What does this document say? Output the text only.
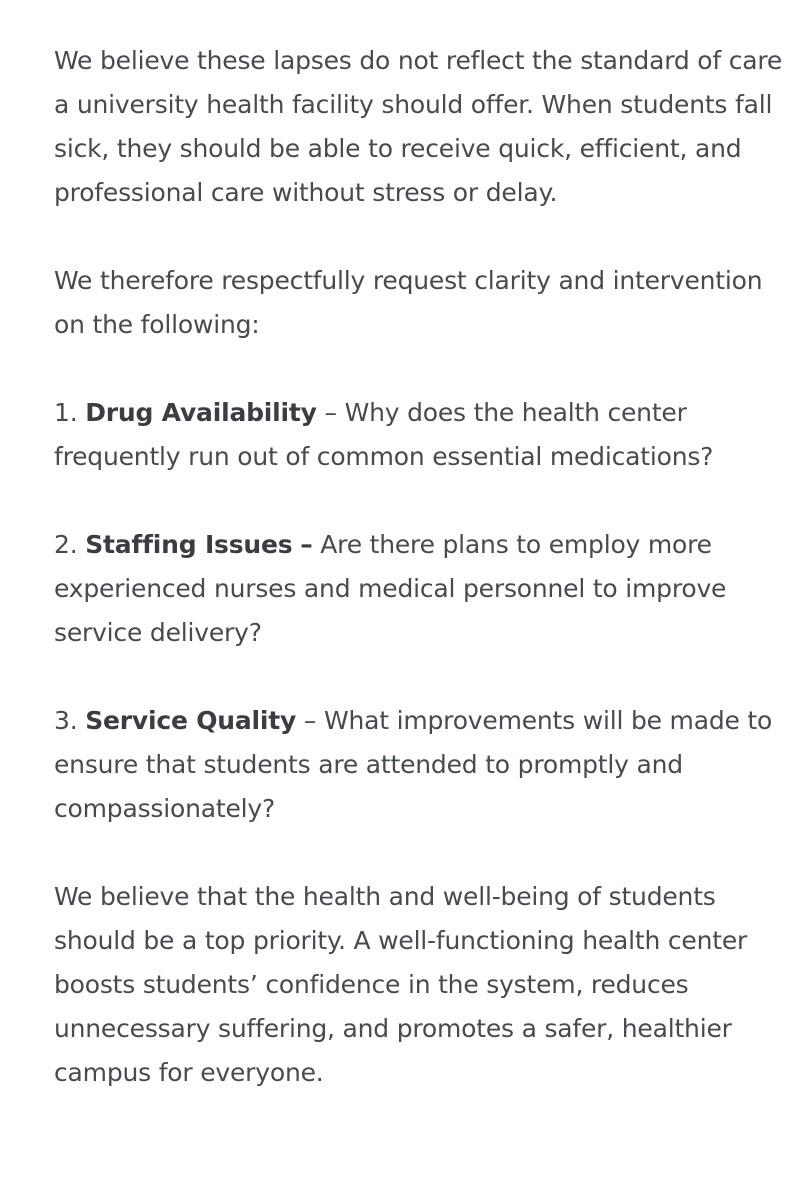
We believe these lapses do not reflect the standard of care a university health facility should offer. When students fall sick, they should be able to receive quick, efficient, and professional care without stress or delay.

We therefore respectfully request clarity and intervention on the following:

1. Drug Availability – Why does the health center frequently run out of common essential medications?

2. Staffing Issues – Are there plans to employ more experienced nurses and medical personnel to improve service delivery?

3. Service Quality – What improvements will be made to ensure that students are attended to promptly and compassionately?

We believe that the health and well-being of students should be a top priority. A well-functioning health center boosts students’ confidence in the system, reduces unnecessary suffering, and promotes a safer, healthier campus for everyone.
